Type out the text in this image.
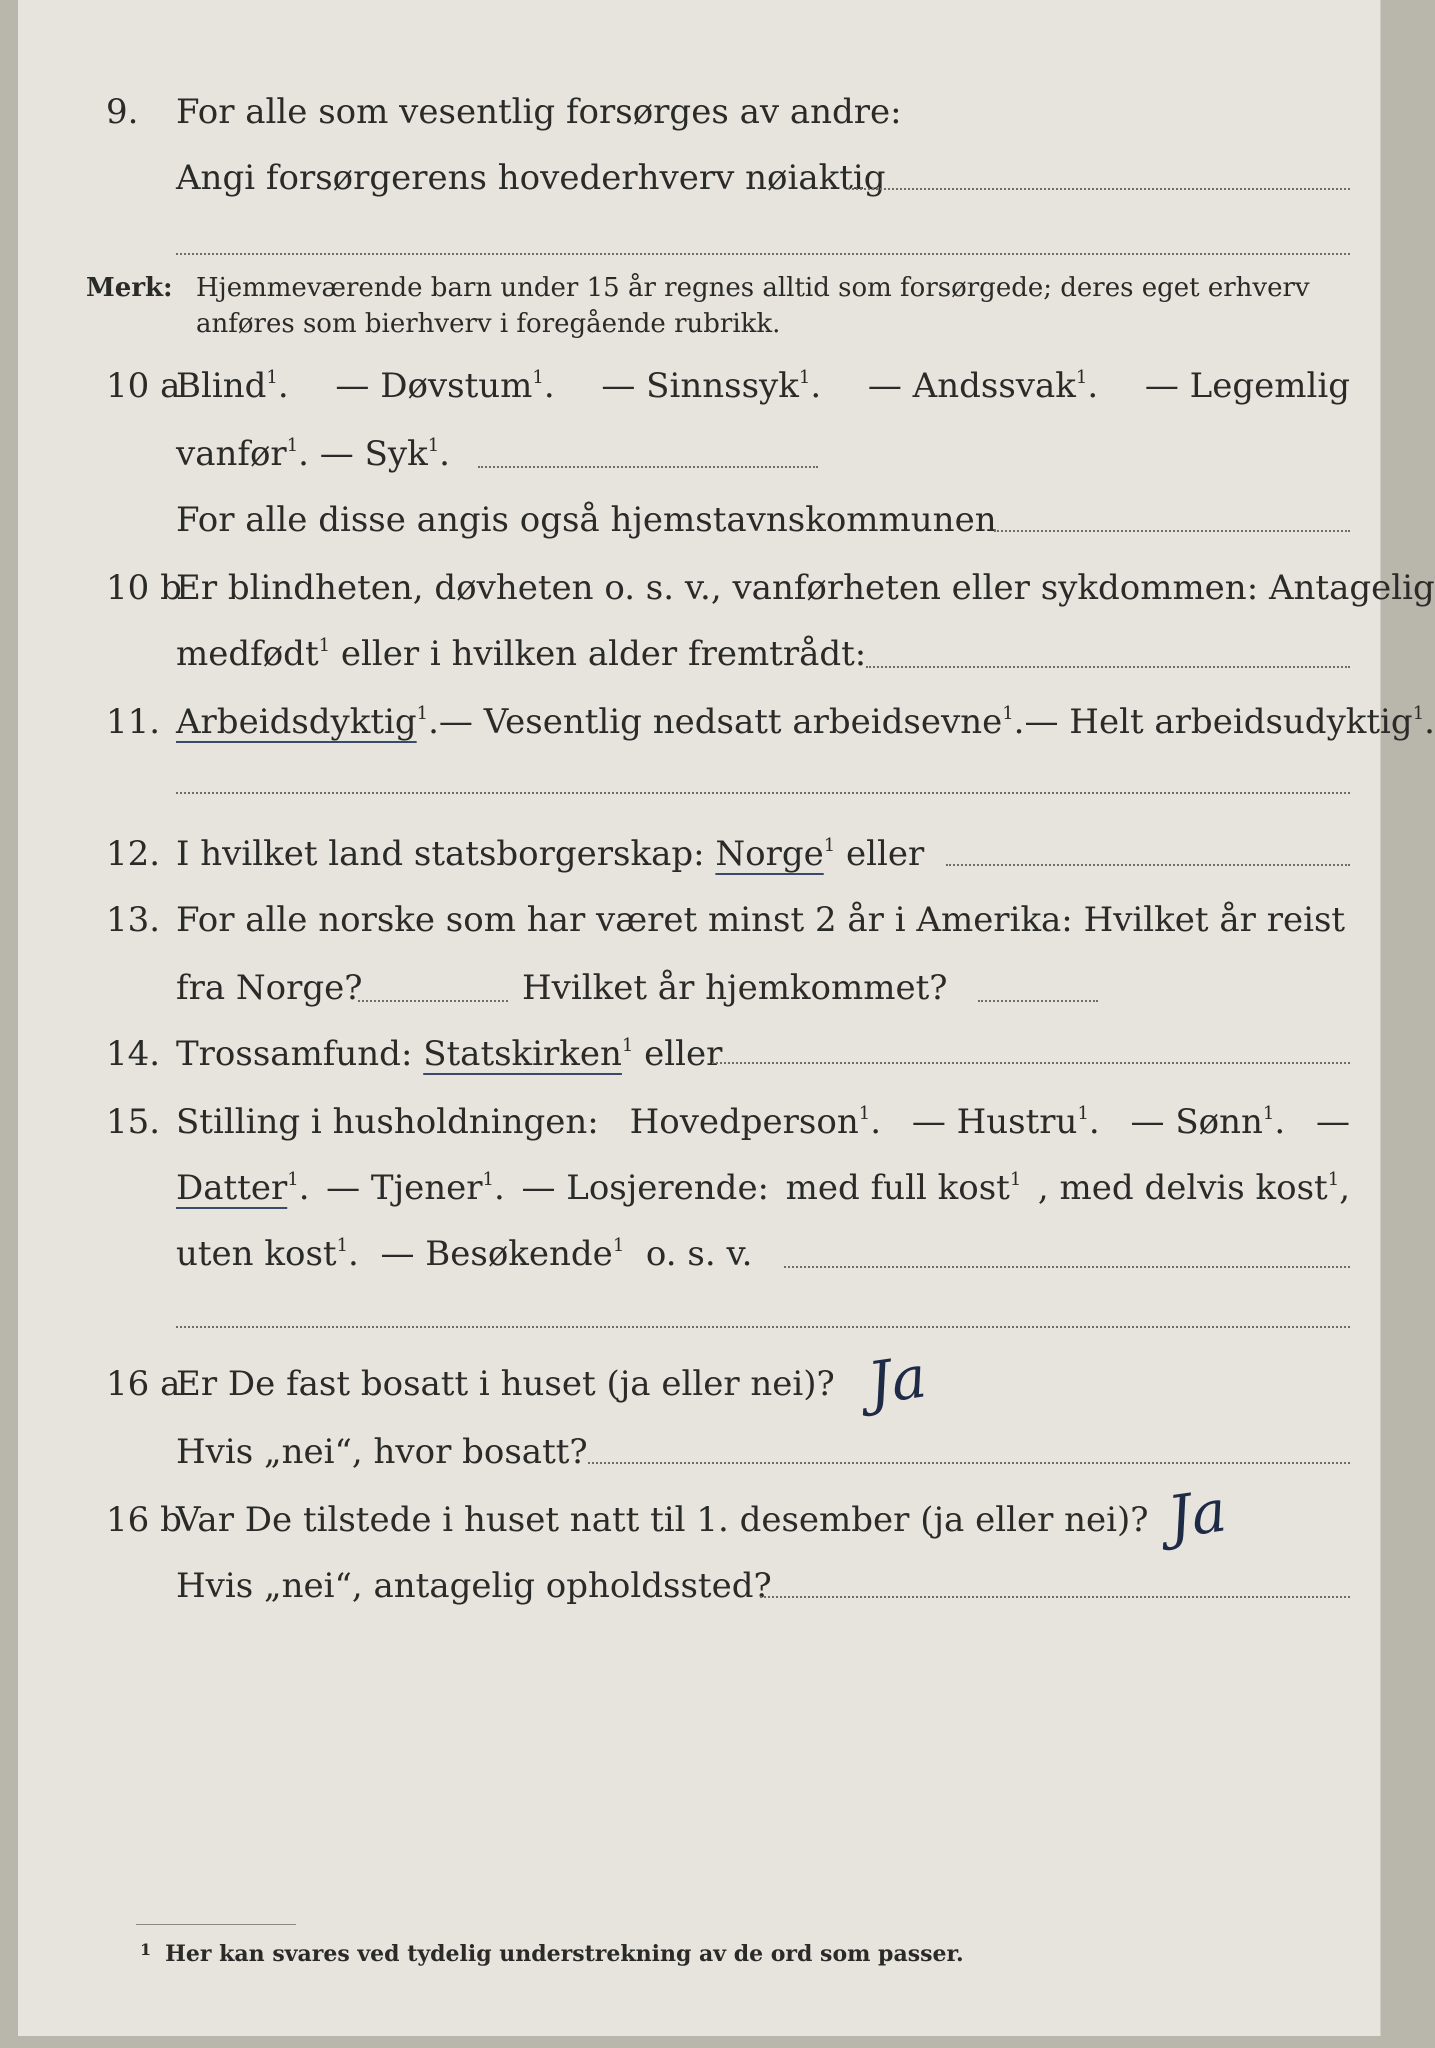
9. For alle som vesentlig forsørges av andre:
Angi forsørgerens hovederhverv nøiaktig
Merk: Hjemmeværende barn under 15 år regnes alltid som forsørgede; deres eget erhverv anføres som bierhverv i foregående rubrikk.
10 a
Blind$^1$. — Døvstum$^1$. — Sinnssyk$^1$. — Andssvak$^1$. — Legemlig
vanfør$^1$. — Syk$^1$.
For alle disse angis også hjemstavnskommunen
10 b
Er blindheten, døvheten o. s. v., vanførheten eller sykdommen: Antagelig
medfødt$^1$ eller i hvilken alder fremtrådt:
11. Arbeidsdyktig$^1$. — Vesentlig nedsatt arbeidsevne$^1$. — Helt arbeidsudyktig$^1$.
12. I hvilket land statsborgerskap: Norge$^1$ eller
13. For alle norske som har været minst 2 år i Amerika: Hvilket år reist
fra Norge?	Hvilket år hjemkommet?
14. Trossamfund: Statskirken$^1$ eller
15. Stilling i husholdningen: Hovedperson$^1$. — Hustru$^1$. — Sønn$^1$. —
Datter$^1$. — Tjener$^1$. — Losjerende: med full kost$^1$ , med delvis kost$^1$,
uten kost$^1$.  — Besøkende$^1$ o. s. v.
16 a
Er De fast bosatt i huset (ja eller nei)? Ja
Hvis „nei“, hvor bosatt?
16 b
Var De tilstede i huset natt til 1. desember (ja eller nei)? Ja
Hvis „nei“, antagelig opholdssted?
$^1$ Her kan svares ved tydelig understrekning av de ord som passer.
